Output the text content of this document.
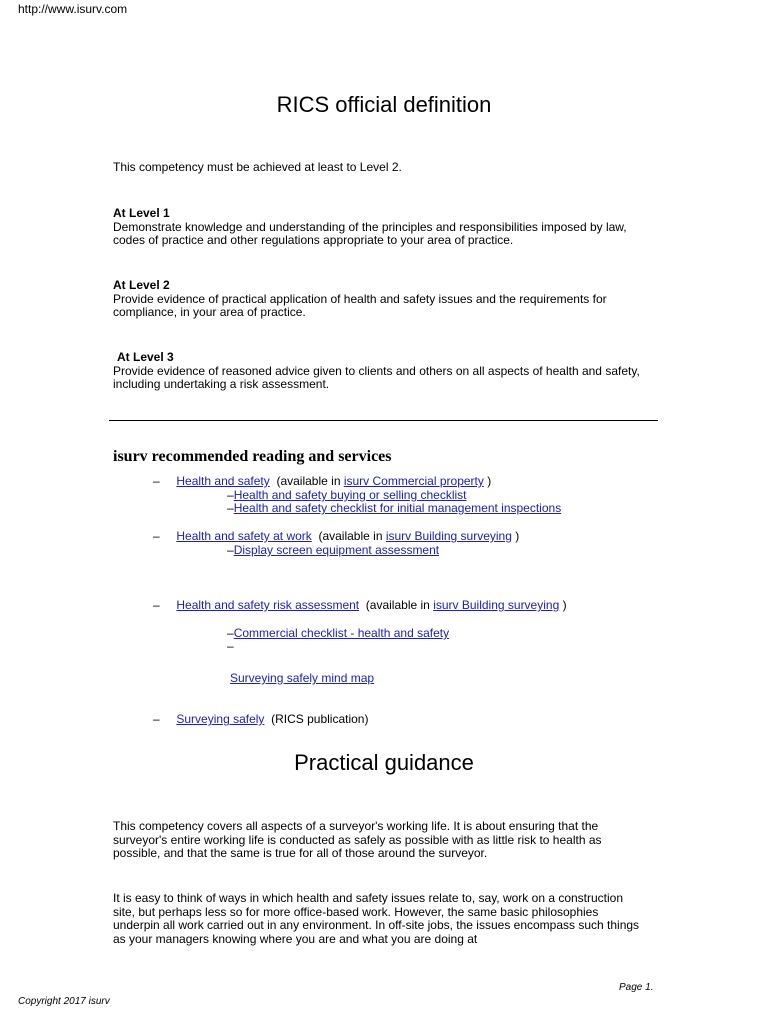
http://www.isurv.com
RICS official definition
This competency must be achieved at least to Level 2.
At Level 1
Demonstrate knowledge and understanding of the principles and responsibilities imposed by law, codes of practice and other regulations appropriate to your area of practice.
At Level 2
Provide evidence of practical application of health and safety issues and the requirements for compliance, in your area of practice.
At Level 3
Provide evidence of reasoned advice given to clients and others on all aspects of health and safety, including undertaking a risk assessment.
isurv recommended reading and services
– Health and safety (available in isurv Commercial property )
–Health and safety buying or selling checklist
–Health and safety checklist for initial management inspections
– Health and safety at work (available in isurv Building surveying )
–Display screen equipment assessment
– Health and safety risk assessment (available in isurv Building surveying )
–Commercial checklist - health and safety
–
Surveying safely mind map
– Surveying safely (RICS publication)
Practical guidance
This competency covers all aspects of a surveyor's working life. It is about ensuring that the surveyor's entire working life is conducted as safely as possible with as little risk to health as possible, and that the same is true for all of those around the surveyor.
It is easy to think of ways in which health and safety issues relate to, say, work on a construction site, but perhaps less so for more office-based work. However, the same basic philosophies underpin all work carried out in any environment. In off-site jobs, the issues encompass such things as your managers knowing where you are and what you are doing at
Page 1.
Copyright 2017 isurv
